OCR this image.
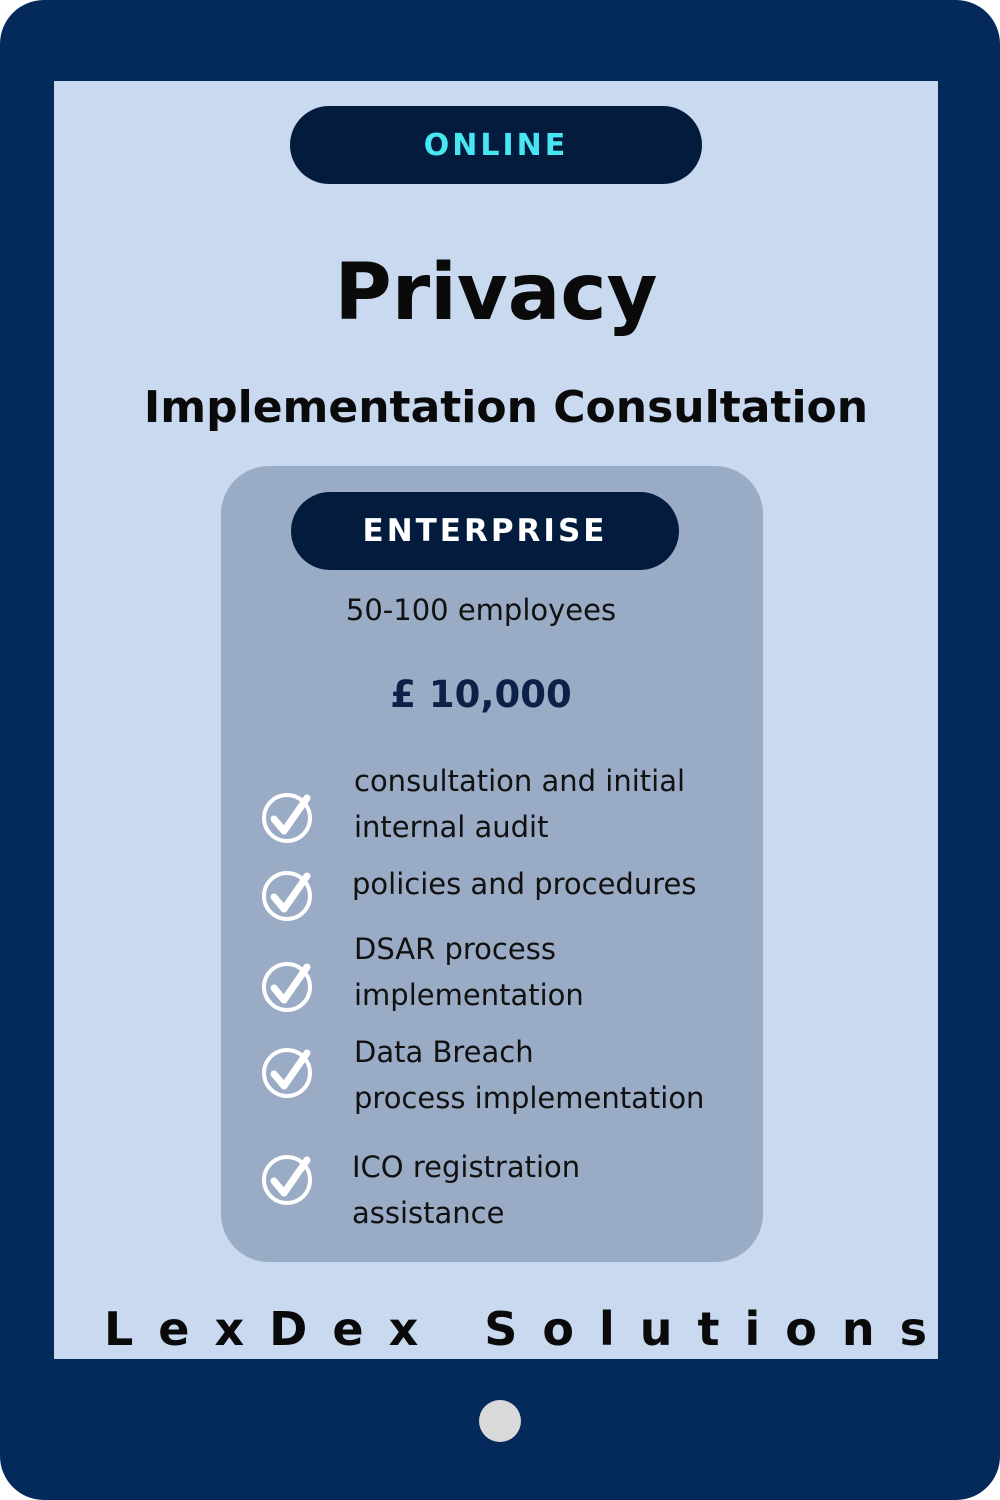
ONLINE
Privacy
Implementation Consultation
ENTERPRISE
50-100 employees
£ 10,000
consultation and initial
internal audit
policies and procedures
DSAR process
implementation
Data Breach
process implementation
ICO registration
assistance
LexDex Solutions
